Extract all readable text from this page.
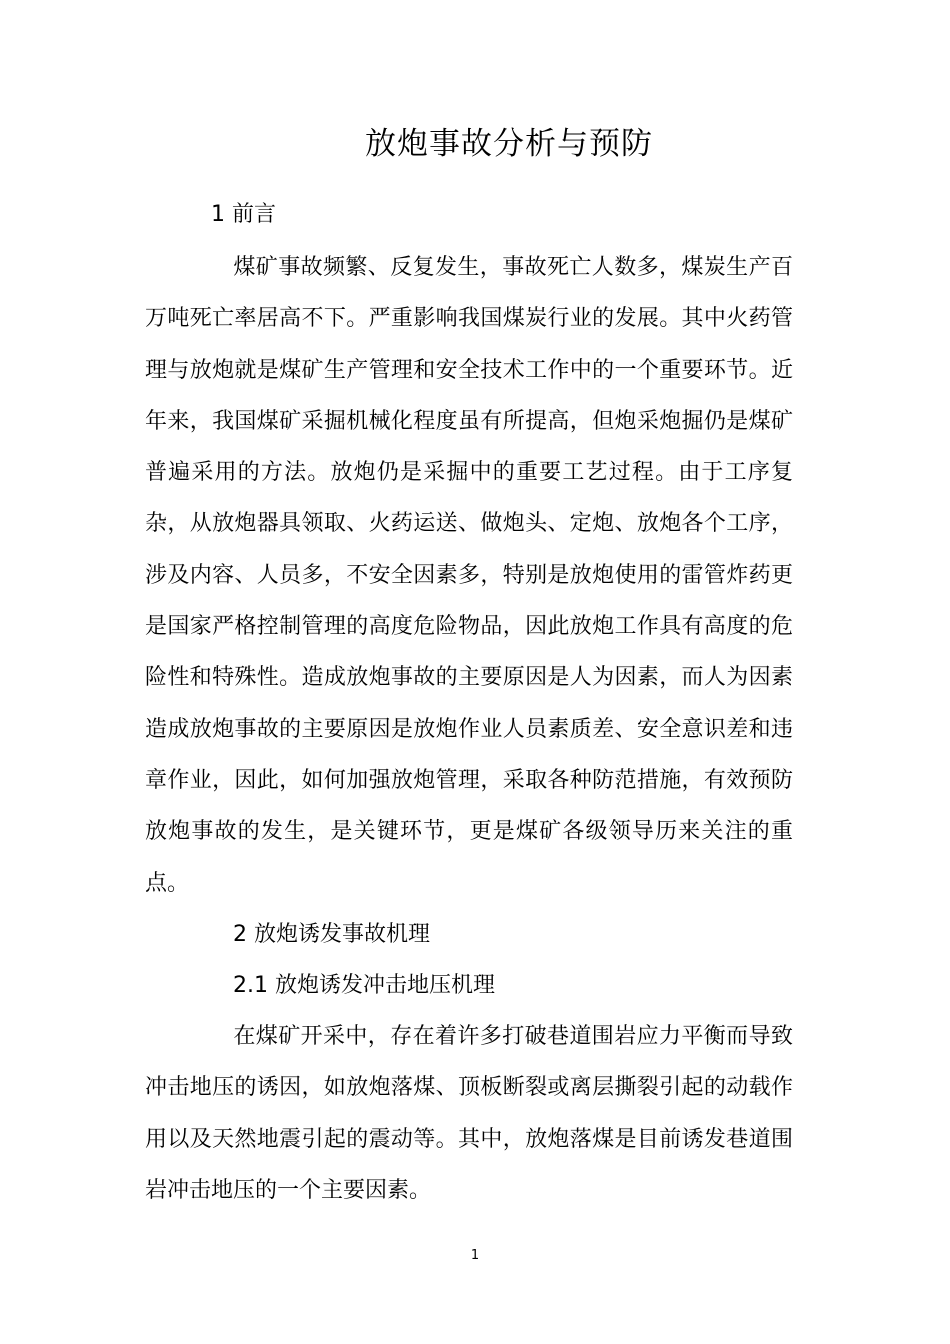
放炮事故分析与预防
1 前言

煤矿事故频繁、反复发生，事故死亡人数多，煤炭生产百万吨死亡率居高不下。严重影响我国煤炭行业的发展。其中火药管理与放炮就是煤矿生产管理和安全技术工作中的一个重要环节。近年来，我国煤矿采掘机械化程度虽有所提高，但炮采炮掘仍是煤矿普遍采用的方法。放炮仍是采掘中的重要工艺过程。由于工序复杂，从放炮器具领取、火药运送、做炮头、定炮、放炮各个工序，涉及内容、人员多，不安全因素多，特别是放炮使用的雷管炸药更是国家严格控制管理的高度危险物品，因此放炮工作具有高度的危险性和特殊性。造成放炮事故的主要原因是人为因素，而人为因素造成放炮事故的主要原因是放炮作业人员素质差、安全意识差和违章作业，因此，如何加强放炮管理，采取各种防范措施，有效预防放炮事故的发生，是关键环节，更是煤矿各级领导历来关注的重点。

2 放炮诱发事故机理
2.1 放炮诱发冲击地压机理

在煤矿开采中，存在着许多打破巷道围岩应力平衡而导致冲击地压的诱因，如放炮落煤、顶板断裂或离层撕裂引起的动载作用以及天然地震引起的震动等。其中，放炮落煤是目前诱发巷道围岩冲击地压的一个主要因素。

1
